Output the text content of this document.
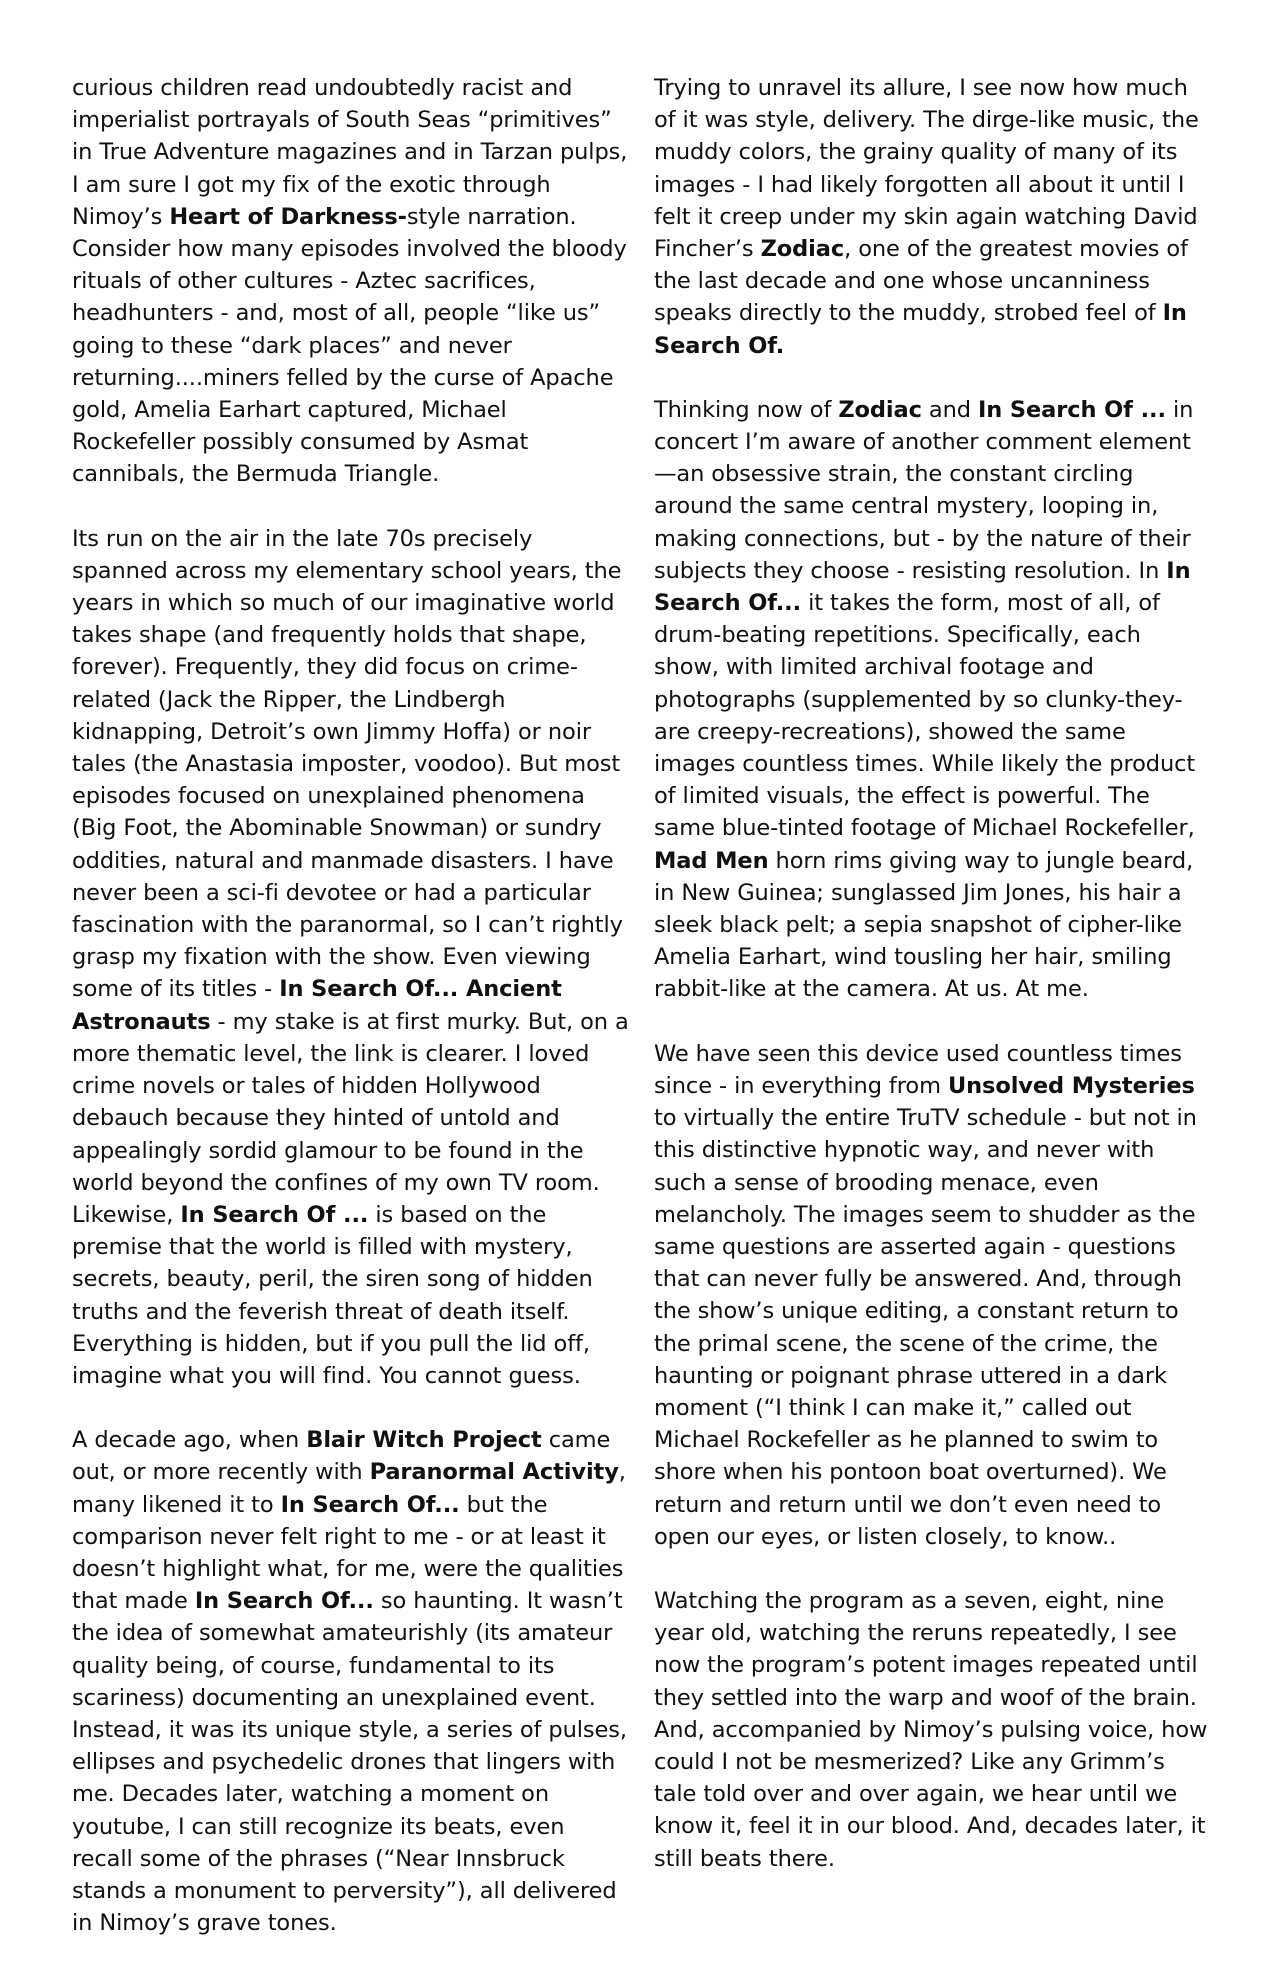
curious children read undoubtedly racist and imperialist portrayals of South Seas “primitives” in True Adventure magazines and in Tarzan pulps, I am sure I got my fix of the exotic through Nimoy’s Heart of Darkness-style narration. Consider how many episodes involved the bloody rituals of other cultures - Aztec sacrifices, headhunters - and, most of all, people “like us” going to these “dark places” and never returning....miners felled by the curse of Apache gold, Amelia Earhart captured, Michael Rockefeller possibly consumed by Asmat cannibals, the Bermuda Triangle.

Its run on the air in the late 70s precisely spanned across my elementary school years, the years in which so much of our imaginative world takes shape (and frequently holds that shape, forever). Frequently, they did focus on crime-related (Jack the Ripper, the Lindbergh kidnapping, Detroit’s own Jimmy Hoffa) or noir tales (the Anastasia imposter, voodoo). But most episodes focused on unexplained phenomena (Big Foot, the Abominable Snowman) or sundry oddities, natural and manmade disasters. I have never been a sci-fi devotee or had a particular fascination with the paranormal, so I can’t rightly grasp my fixation with the show. Even viewing some of its titles - In Search Of... Ancient Astronauts - my stake is at first murky. But, on a more thematic level, the link is clearer. I loved crime novels or tales of hidden Hollywood debauch because they hinted of untold and appealingly sordid glamour to be found in the world beyond the confines of my own TV room. Likewise, In Search Of ... is based on the premise that the world is filled with mystery, secrets, beauty, peril, the siren song of hidden truths and the feverish threat of death itself. Everything is hidden, but if you pull the lid off, imagine what you will find. You cannot guess.

A decade ago, when Blair Witch Project came out, or more recently with Paranormal Activity, many likened it to In Search Of... but the comparison never felt right to me - or at least it doesn’t highlight what, for me, were the qualities that made In Search Of... so haunting. It wasn’t the idea of somewhat amateurishly (its amateur quality being, of course, fundamental to its scariness) documenting an unexplained event. Instead, it was its unique style, a series of pulses, ellipses and psychedelic drones that lingers with me. Decades later, watching a moment on youtube, I can still recognize its beats, even recall some of the phrases (“Near Innsbruck stands a monument to perversity”), all delivered in Nimoy’s grave tones.

Trying to unravel its allure, I see now how much of it was style, delivery. The dirge-like music, the muddy colors, the grainy quality of many of its images - I had likely forgotten all about it until I felt it creep under my skin again watching David Fincher’s Zodiac, one of the greatest movies of the last decade and one whose uncanniness speaks directly to the muddy, strobed feel of In Search Of.

Thinking now of Zodiac and In Search Of ... in concert I’m aware of another comment element—an obsessive strain, the constant circling around the same central mystery, looping in, making connections, but - by the nature of their subjects they choose - resisting resolution. In In Search Of... it takes the form, most of all, of drum-beating repetitions. Specifically, each show, with limited archival footage and photographs (supplemented by so clunky-they-are creepy-recreations), showed the same images countless times. While likely the product of limited visuals, the effect is powerful. The same blue-tinted footage of Michael Rockefeller, Mad Men horn rims giving way to jungle beard, in New Guinea; sunglassed Jim Jones, his hair a sleek black pelt; a sepia snapshot of cipher-like Amelia Earhart, wind tousling her hair, smiling rabbit-like at the camera. At us. At me.

We have seen this device used countless times since - in everything from Unsolved Mysteries to virtually the entire TruTV schedule - but not in this distinctive hypnotic way, and never with such a sense of brooding menace, even melancholy. The images seem to shudder as the same questions are asserted again - questions that can never fully be answered. And, through the show’s unique editing, a constant return to the primal scene, the scene of the crime, the haunting or poignant phrase uttered in a dark moment (“I think I can make it,” called out Michael Rockefeller as he planned to swim to shore when his pontoon boat overturned). We return and return until we don’t even need to open our eyes, or listen closely, to know..

Watching the program as a seven, eight, nine year old, watching the reruns repeatedly, I see now the program’s potent images repeated until they settled into the warp and woof of the brain. And, accompanied by Nimoy’s pulsing voice, how could I not be mesmerized? Like any Grimm’s tale told over and over again, we hear until we know it, feel it in our blood. And, decades later, it still beats there.
